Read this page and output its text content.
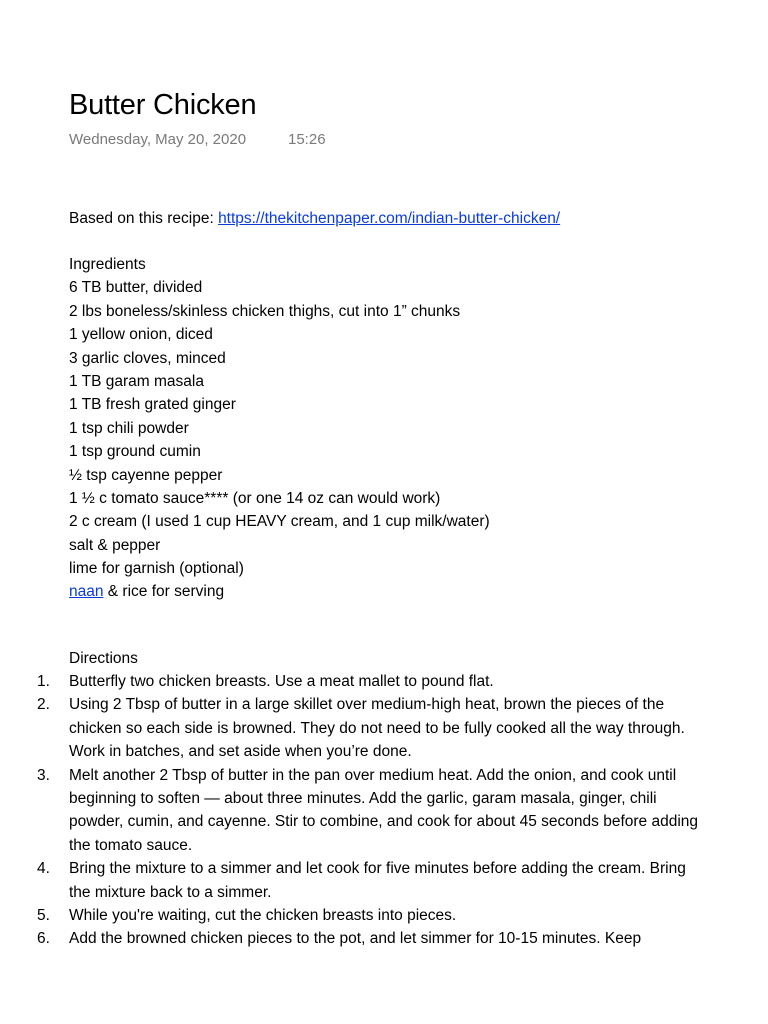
Butter Chicken
Wednesday, May 20, 2020	15:26
Based on this recipe: https://thekitchenpaper.com/indian-butter-chicken/
Ingredients
6 TB butter, divided
2 lbs boneless/skinless chicken thighs, cut into 1” chunks
1 yellow onion, diced
3 garlic cloves, minced
1 TB garam masala
1 TB fresh grated ginger
1 tsp chili powder
1 tsp ground cumin
½ tsp cayenne pepper
1 ½ c tomato sauce**** (or one 14 oz can would work)
2 c cream (I used 1 cup HEAVY cream, and 1 cup milk/water)
salt & pepper
lime for garnish (optional)
naan & rice for serving
Directions
1. Butterfly two chicken breasts. Use a meat mallet to pound flat.
2. Using 2 Tbsp of butter in a large skillet over medium-high heat, brown the pieces of the chicken so each side is browned. They do not need to be fully cooked all the way through. Work in batches, and set aside when you’re done.
3. Melt another 2 Tbsp of butter in the pan over medium heat. Add the onion, and cook until beginning to soften — about three minutes. Add the garlic, garam masala, ginger, chili powder, cumin, and cayenne. Stir to combine, and cook for about 45 seconds before adding the tomato sauce.
4. Bring the mixture to a simmer and let cook for five minutes before adding the cream. Bring the mixture back to a simmer.
5. While you're waiting, cut the chicken breasts into pieces.
6. Add the browned chicken pieces to the pot, and let simmer for 10-15 minutes. Keep
